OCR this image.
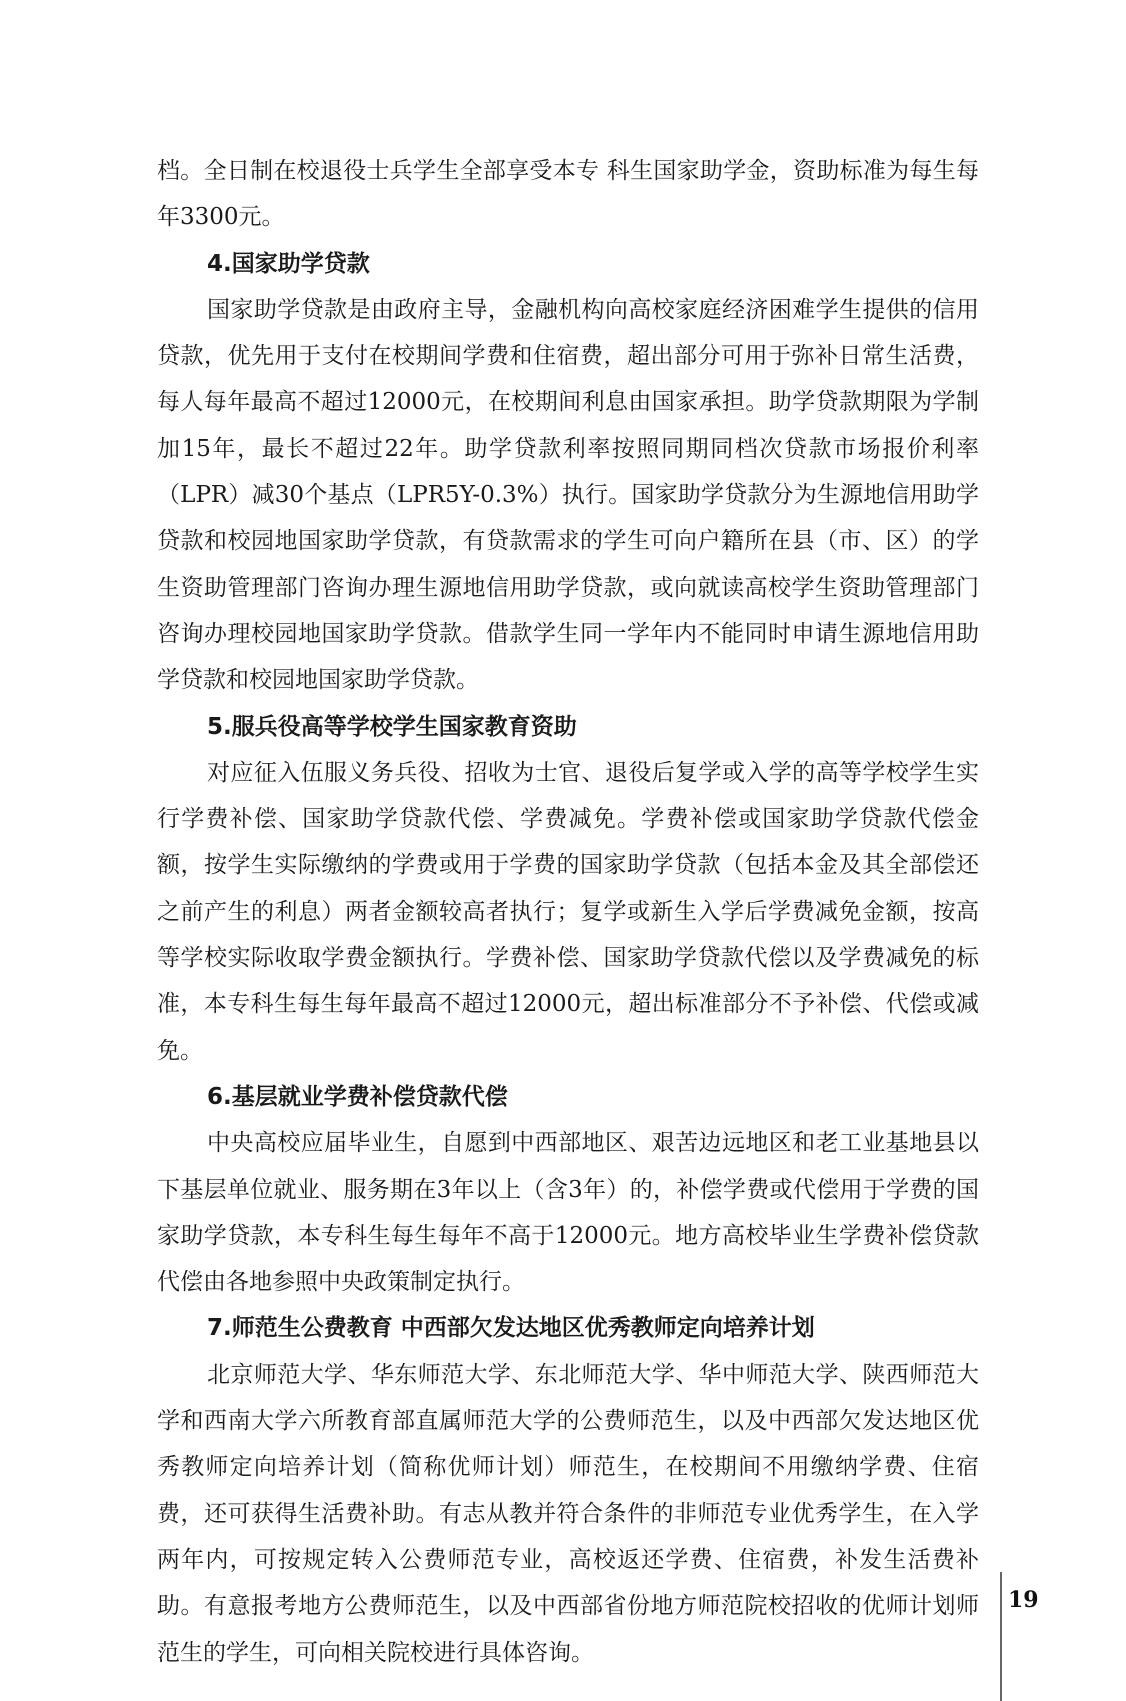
档。全日制在校退役士兵学生全部享受本专 科生国家助学金，资助标准为每生每年3300元。

4.国家助学贷款

国家助学贷款是由政府主导，金融机构向高校家庭经济困难学生提供的信用贷款，优先用于支付在校期间学费和住宿费，超出部分可用于弥补日常生活费，每人每年最高不超过12000元，在校期间利息由国家承担。助学贷款期限为学制加15年，最长不超过22年。助学贷款利率按照同期同档次贷款市场报价利率（LPR）减30个基点（LPR5Y-0.3%）执行。国家助学贷款分为生源地信用助学贷款和校园地国家助学贷款，有贷款需求的学生可向户籍所在县（市、区）的学生资助管理部门咨询办理生源地信用助学贷款，或向就读高校学生资助管理部门咨询办理校园地国家助学贷款。借款学生同一学年内不能同时申请生源地信用助学贷款和校园地国家助学贷款。

5.服兵役高等学校学生国家教育资助

对应征入伍服义务兵役、招收为士官、退役后复学或入学的高等学校学生实行学费补偿、国家助学贷款代偿、学费减免。学费补偿或国家助学贷款代偿金额，按学生实际缴纳的学费或用于学费的国家助学贷款（包括本金及其全部偿还之前产生的利息）两者金额较高者执行；复学或新生入学后学费减免金额，按高等学校实际收取学费金额执行。学费补偿、国家助学贷款代偿以及学费减免的标准，本专科生每生每年最高不超过12000元，超出标准部分不予补偿、代偿或减免。

6.基层就业学费补偿贷款代偿

中央高校应届毕业生，自愿到中西部地区、艰苦边远地区和老工业基地县以下基层单位就业、服务期在3年以上（含3年）的，补偿学费或代偿用于学费的国家助学贷款，本专科生每生每年不高于12000元。地方高校毕业生学费补偿贷款代偿由各地参照中央政策制定执行。

7.师范生公费教育 中西部欠发达地区优秀教师定向培养计划

北京师范大学、华东师范大学、东北师范大学、华中师范大学、陕西师范大学和西南大学六所教育部直属师范大学的公费师范生，以及中西部欠发达地区优秀教师定向培养计划（简称优师计划）师范生，在校期间不用缴纳学费、住宿费，还可获得生活费补助。有志从教并符合条件的非师范专业优秀学生，在入学两年内，可按规定转入公费师范专业，高校返还学费、住宿费，补发生活费补助。有意报考地方公费师范生，以及中西部省份地方师范院校招收的优师计划师范生的学生，可向相关院校进行具体咨询。

19
